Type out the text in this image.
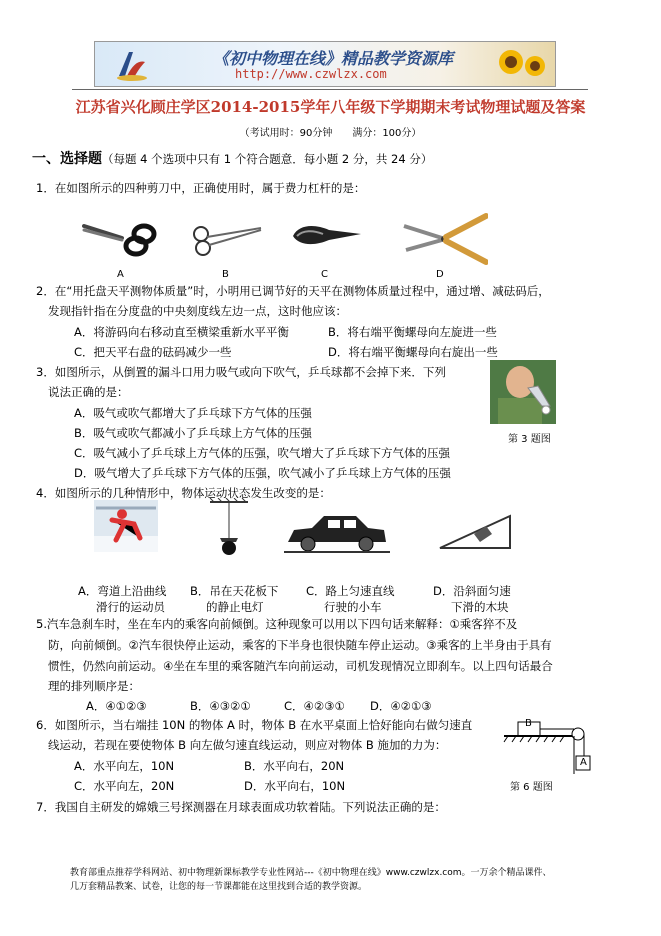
《初中物理在线》精品教学资源库
http://www.czwlzx.com
江苏省兴化顾庄学区2014-2015学年八年级下学期期末考试物理试题及答案
（考试用时：90分钟　　满分：100分）
一、选择题（每题 4 个选项中只有 1 个符合题意．每小题 2 分，共 24 分）
1．在如图所示的四种剪刀中，正确使用时，属于费力杠杆的是：
A	B	C	D
2．在“用托盘天平测物体质量”时，小明用已调节好的天平在测物体质量过程中，通过增、减砝码后，
发现指针指在分度盘的中央刻度线左边一点，这时他应该：
A．将游码向右移动直至横梁重新水平平衡	B．将右端平衡螺母向左旋进一些
C．把天平右盘的砝码减少一些	D．将右端平衡螺母向右旋出一些
3．如图所示，从倒置的漏斗口用力吸气或向下吹气，乒乓球都不会掉下来．下列
说法正确的是：
A．吸气或吹气都增大了乒乓球下方气体的压强
B．吸气或吹气都减小了乒乓球上方气体的压强
C．吸气减小了乒乓球上方气体的压强，吹气增大了乒乓球下方气体的压强
D．吸气增大了乒乓球下方气体的压强，吹气减小了乒乓球上方气体的压强
第 3 题图
4．如图所示的几种情形中，物体运动状态发生改变的是：
A．弯道上沿曲线
滑行的运动员
B．吊在天花板下
的静止电灯
C．路上匀速直线
行驶的小车
D．沿斜面匀速
下滑的木块
5.汽车急刹车时，坐在车内的乘客向前倾倒。这种现象可以用以下四句话来解释：①乘客猝不及
防，向前倾倒。②汽车很快停止运动，乘客的下半身也很快随车停止运动。③乘客的上半身由于具有
惯性，仍然向前运动。④坐在车里的乘客随汽车向前运动，司机发现情况立即刹车。以上四句话最合
理的排列顺序是：
A．④①②③	B．④③②①	C．④②③① D．④②①③
6．如图所示，当右端挂 10N 的物体 A 时，物体 B 在水平桌面上恰好能向右做匀速直
线运动，若现在要使物体 B 向左做匀速直线运动，则应对物体 B 施加的力为：
A．水平向左，10N	B．水平向右，20N
C．水平向左，20N	D．水平向右，10N
B
A
第 6 题图
7．我国自主研发的嫦娥三号探测器在月球表面成功软着陆。下列说法正确的是：
教育部重点推荐学科网站、初中物理新课标教学专业性网站---《初中物理在线》www.czwlzx.com。一万余个精品课件、
几万套精品教案、试卷，让您的每一节课都能在这里找到合适的教学资源。
